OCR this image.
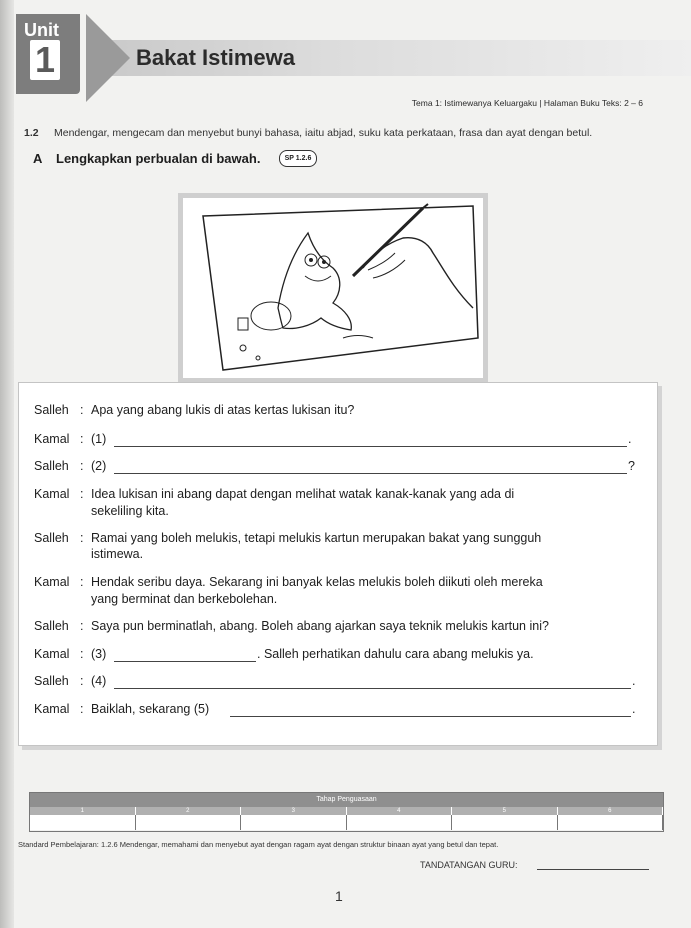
Unit
1	Bakat Istimewa
Tema 1: Istimewanya Keluargaku | Halaman Buku Teks: 2 – 6
1.2 Mendengar, mengecam dan menyebut bunyi bahasa, iaitu abjad, suku kata perkataan, frasa dan ayat dengan betul.
A Lengkapkan perbualan di bawah.	SP 1.2.6
Salleh : Apa yang abang lukis di atas kertas lukisan itu?
Kamal : (1)	.
Salleh : (2)	?
Kamal : Idea lukisan ini abang dapat dengan melihat watak kanak-kanak yang ada di
sekeliling kita.
Salleh : Ramai yang boleh melukis, tetapi melukis kartun merupakan bakat yang sungguh
istimewa.
Kamal : Hendak seribu daya. Sekarang ini banyak kelas melukis boleh diikuti oleh mereka
yang berminat dan berkebolehan.
Salleh : Saya pun berminatlah, abang. Boleh abang ajarkan saya teknik melukis kartun ini?
Kamal : (3)	. Salleh perhatikan dahulu cara abang melukis ya.
Salleh : (4)	.
Kamal : Baiklah, sekarang (5)	.
Tahap Penguasaan
1	2	3	4	5	6
Standard Pembelajaran: 1.2.6 Mendengar, memahami dan menyebut ayat dengan ragam ayat dengan struktur binaan ayat yang betul dan tepat.
TANDATANGAN GURU:
1
